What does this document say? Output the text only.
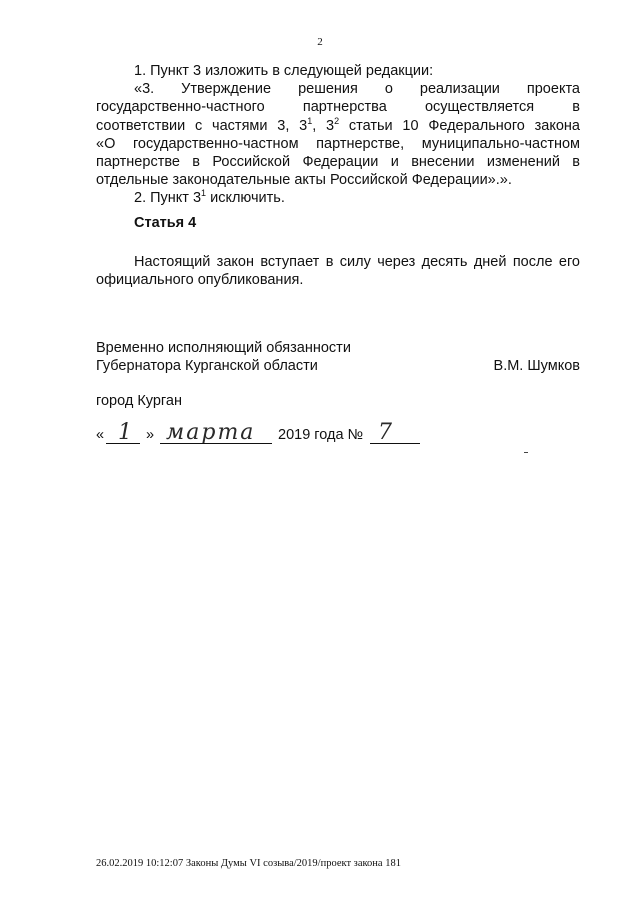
2
1. Пункт 3 изложить в следующей редакции:
«3. Утверждение решения о реализации проекта
государственно-частного партнерства осуществляется в
соответствии с частями 3, $3^1$, $3^2$ статьи 10 Федерального закона
«О государственно-частном партнерстве, муниципально-частном
партнерстве в Российской Федерации и внесении изменений в
отдельные законодательные акты Российской Федерации».».
2. Пункт $3^1$ исключить.
Статья 4
Настоящий закон вступает в силу через десять дней после его
официального опубликования.
Временно исполняющий обязанности
Губернатора Курганской области	В.М. Шумков
город Курган
« 1 » марта 2019 года № 7
26.02.2019 10:12:07 Законы Думы VI созыва/2019/проект закона 181
